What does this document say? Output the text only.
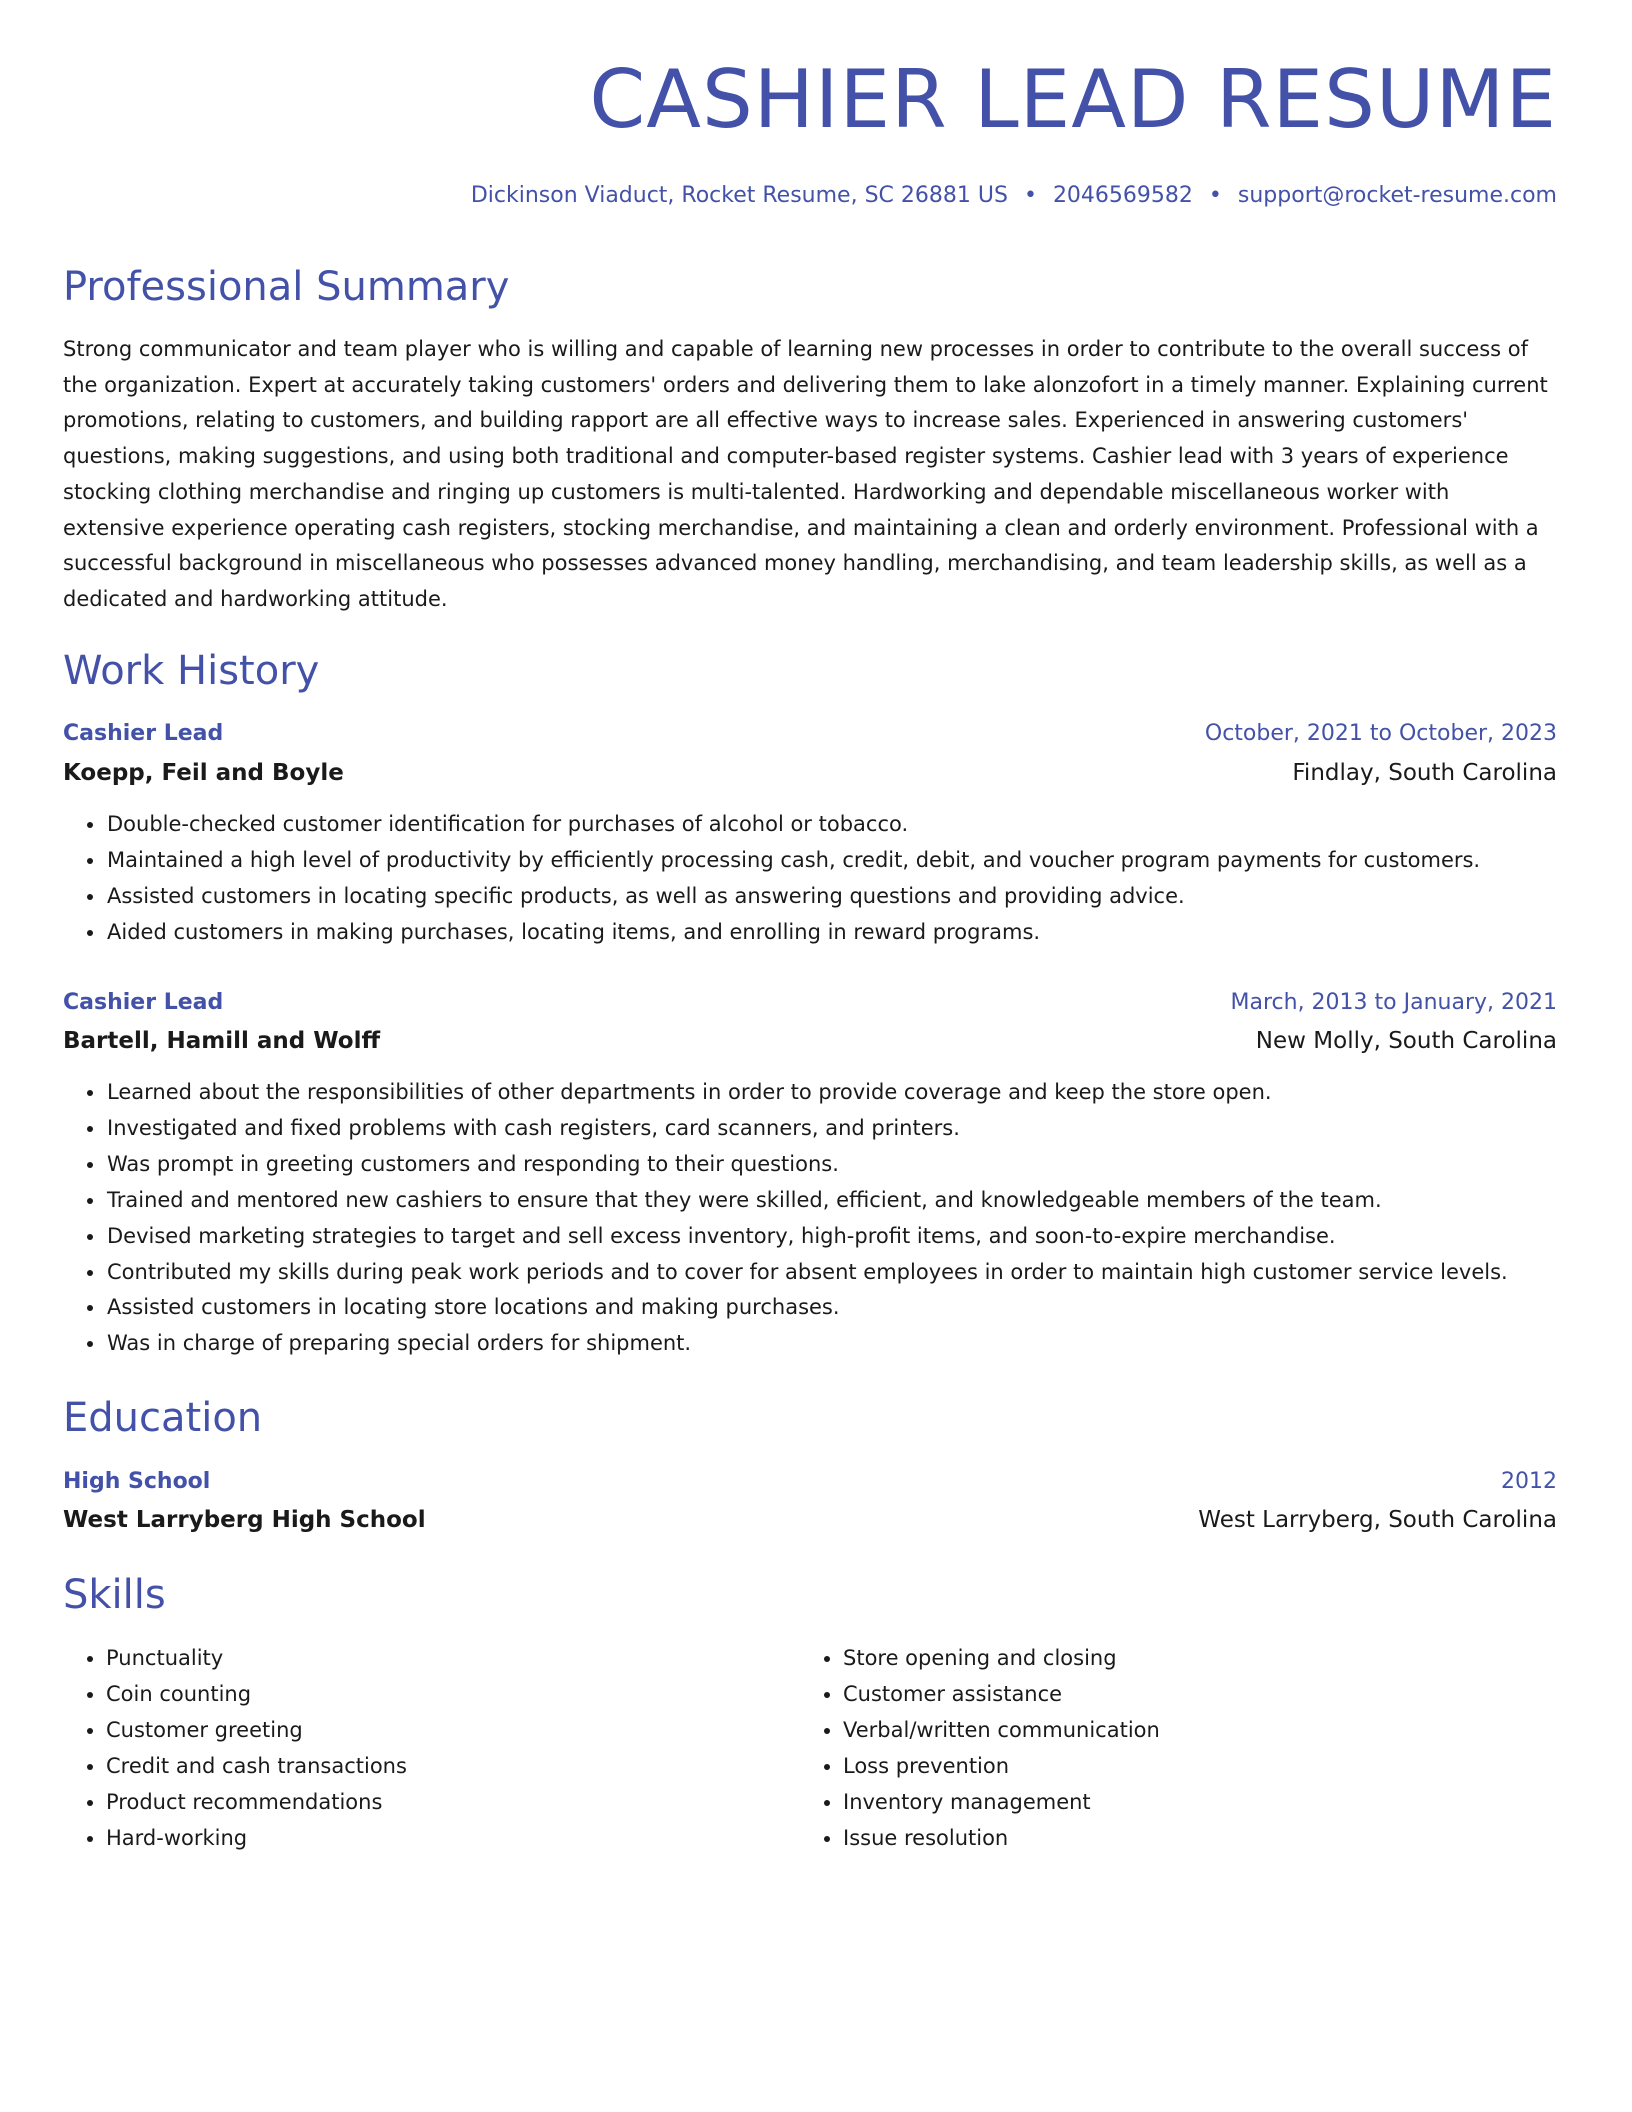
CASHIER LEAD RESUME
Dickinson Viaduct, Rocket Resume, SC 26881 US • 2046569582 • support@rocket-resume.com
Professional Summary

Strong communicator and team player who is willing and capable of learning new processes in order to contribute to the overall success of the organization. Expert at accurately taking customers' orders and delivering them to lake alonzofort in a timely manner. Explaining current promotions, relating to customers, and building rapport are all effective ways to increase sales. Experienced in answering customers' questions, making suggestions, and using both traditional and computer-based register systems. Cashier lead with 3 years of experience stocking clothing merchandise and ringing up customers is multi-talented. Hardworking and dependable miscellaneous worker with extensive experience operating cash registers, stocking merchandise, and maintaining a clean and orderly environment. Professional with a successful background in miscellaneous who possesses advanced money handling, merchandising, and team leadership skills, as well as a dedicated and hardworking attitude.

Work History
Cashier Lead	October, 2021 to October, 2023
Koepp, Feil and Boyle	Findlay, South Carolina
• Double-checked customer identification for purchases of alcohol or tobacco.
• Maintained a high level of productivity by efficiently processing cash, credit, debit, and voucher program payments for customers.
• Assisted customers in locating specific products, as well as answering questions and providing advice.
• Aided customers in making purchases, locating items, and enrolling in reward programs.
Cashier Lead	March, 2013 to January, 2021
Bartell, Hamill and Wolff	New Molly, South Carolina
• Learned about the responsibilities of other departments in order to provide coverage and keep the store open.
• Investigated and fixed problems with cash registers, card scanners, and printers.
• Was prompt in greeting customers and responding to their questions.
• Trained and mentored new cashiers to ensure that they were skilled, efficient, and knowledgeable members of the team.
• Devised marketing strategies to target and sell excess inventory, high-profit items, and soon-to-expire merchandise.
• Contributed my skills during peak work periods and to cover for absent employees in order to maintain high customer service levels.
• Assisted customers in locating store locations and making purchases.
• Was in charge of preparing special orders for shipment.
Education
High School	2012
West Larryberg High School	West Larryberg, South Carolina
Skills
• Punctuality
• Coin counting
• Customer greeting
• Credit and cash transactions
• Product recommendations
• Hard-working
• Store opening and closing
• Customer assistance
• Verbal/written communication
• Loss prevention
• Inventory management
• Issue resolution
